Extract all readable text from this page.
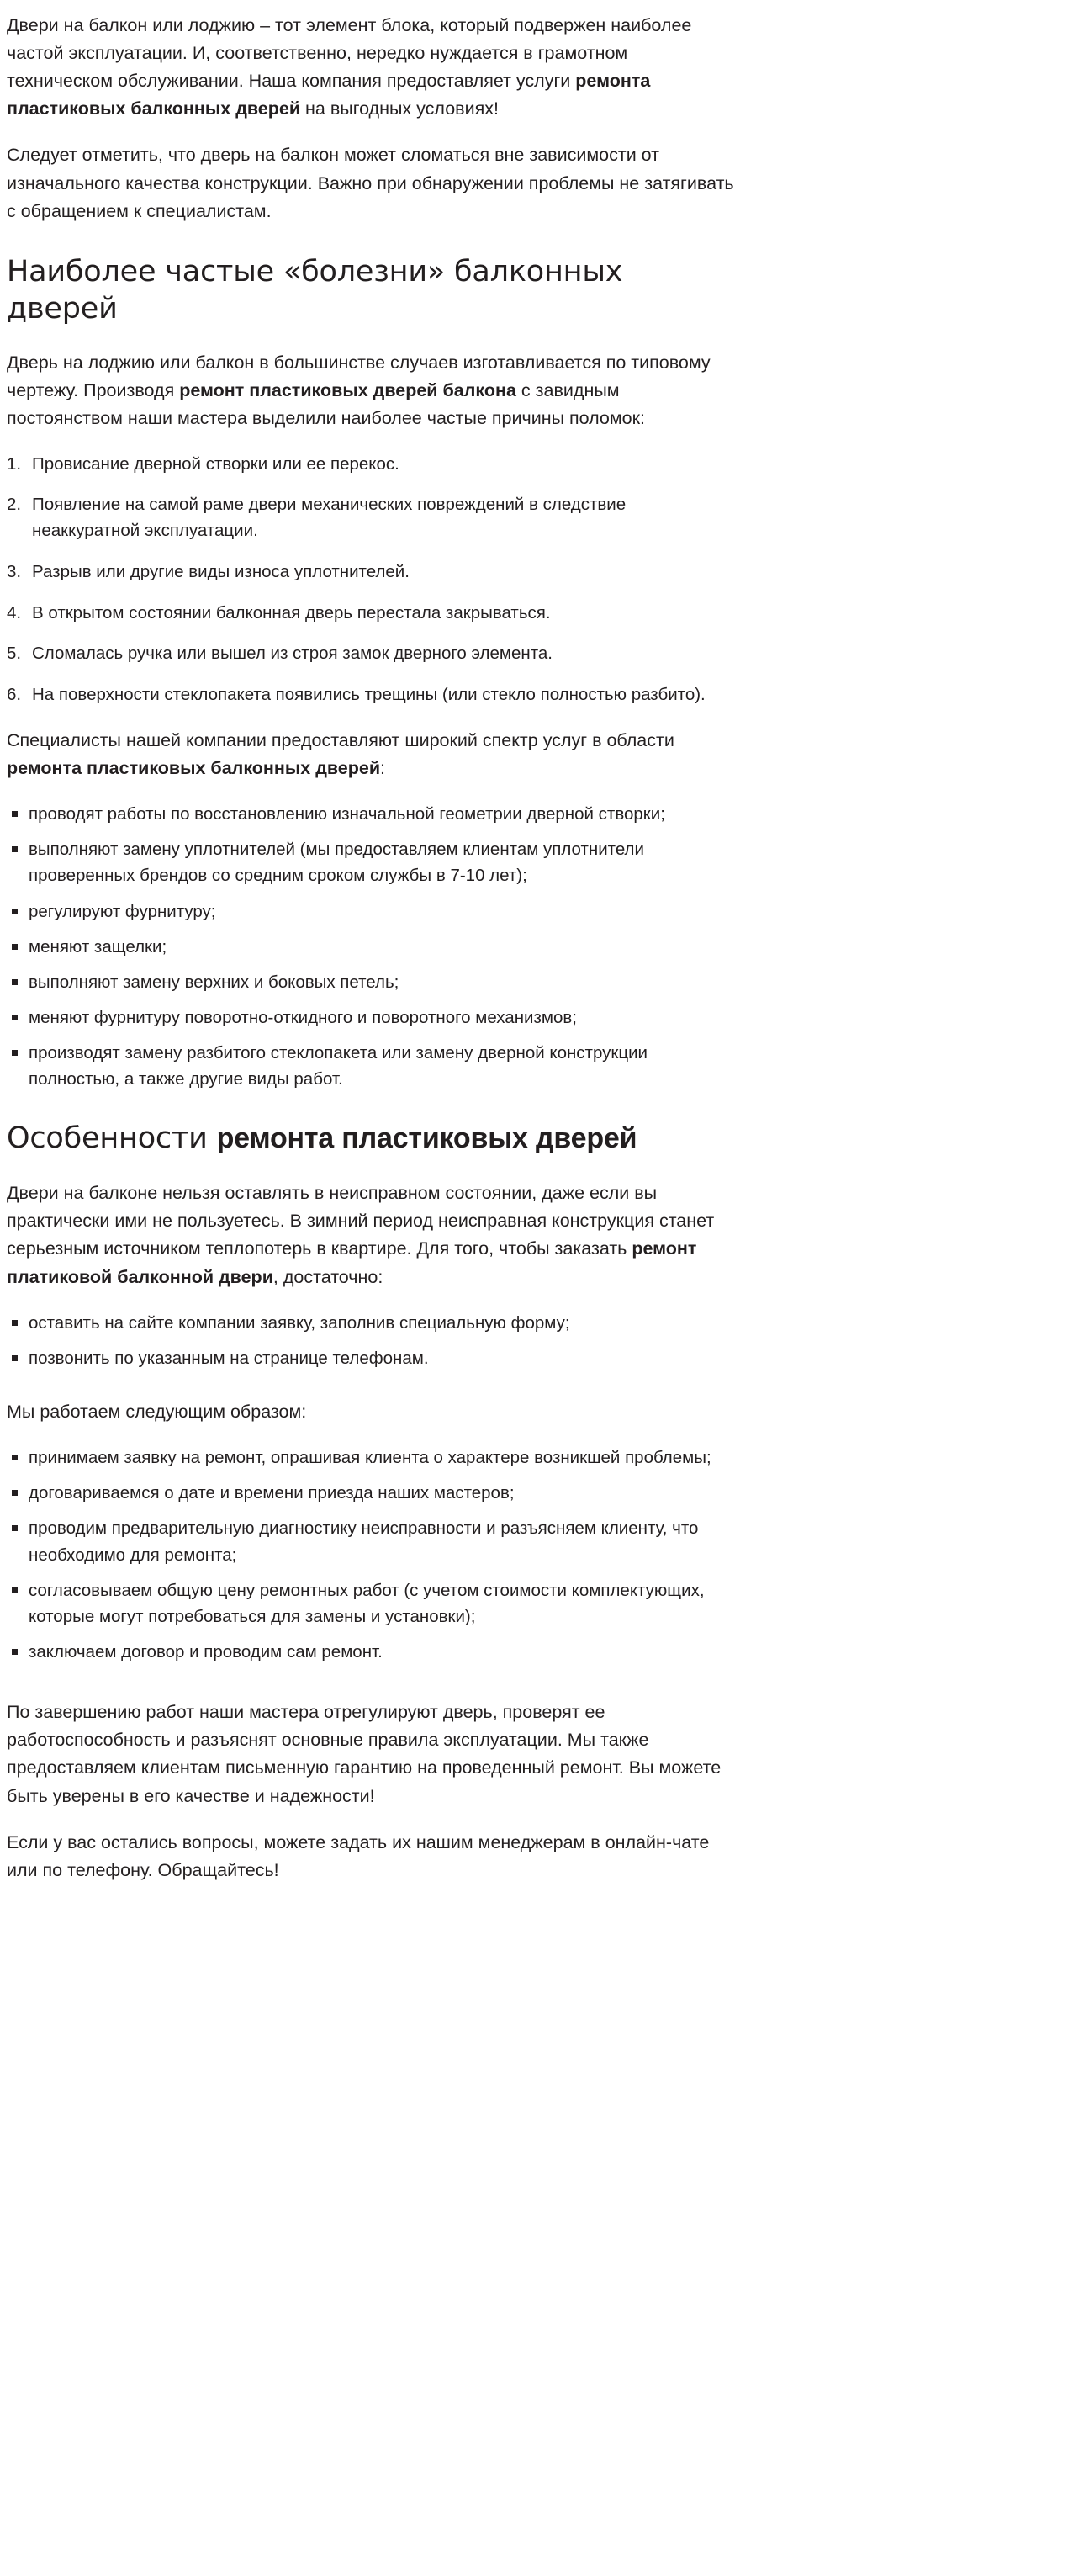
Двери на балкон или лоджию – тот элемент блока, который подвержен наиболее частой эксплуатации. И, соответственно, нередко нуждается в грамотном техническом обслуживании. Наша компания предоставляет услуги ремонта пластиковых балконных дверей на выгодных условиях!

Следует отметить, что дверь на балкон может сломаться вне зависимости от изначального качества конструкции. Важно при обнаружении проблемы не затягивать с обращением к специалистам.

Наиболее частые «болезни» балконных дверей

Дверь на лоджию или балкон в большинстве случаев изготавливается по типовому чертежу. Производя ремонт пластиковых дверей балкона с завидным постоянством наши мастера выделили наиболее частые причины поломок:

Провисание дверной створки или ее перекос.
Появление на самой раме двери механических повреждений в следствие неаккуратной эксплуатации.
Разрыв или другие виды износа уплотнителей.
В открытом состоянии балконная дверь перестала закрываться.
Сломалась ручка или вышел из строя замок дверного элемента.
На поверхности стеклопакета появились трещины (или стекло полностью разбито).

Специалисты нашей компании предоставляют широкий спектр услуг в области ремонта пластиковых балконных дверей:

проводят работы по восстановлению изначальной геометрии дверной створки;
выполняют замену уплотнителей (мы предоставляем клиентам уплотнители проверенных брендов со средним сроком службы в 7-10 лет);
регулируют фурнитуру;
меняют защелки;
выполняют замену верхних и боковых петель;
меняют фурнитуру поворотно-откидного и поворотного механизмов;
производят замену разбитого стеклопакета или замену дверной конструкции полностью, а также другие виды работ.
Особенности ремонта пластиковых дверей

Двери на балконе нельзя оставлять в неисправном состоянии, даже если вы практически ими не пользуетесь. В зимний период неисправная конструкция станет серьезным источником теплопотерь в квартире. Для того, чтобы заказать ремонт платиковой балконной двери, достаточно:

оставить на сайте компании заявку, заполнив специальную форму;
позвонить по указанным на странице телефонам.

Мы работаем следующим образом:

принимаем заявку на ремонт, опрашивая клиента о характере возникшей проблемы;
договариваемся о дате и времени приезда наших мастеров;
проводим предварительную диагностику неисправности и разъясняем клиенту, что необходимо для ремонта;
согласовываем общую цену ремонтных работ (с учетом стоимости комплектующих, которые могут потребоваться для замены и установки);
заключаем договор и проводим сам ремонт.

По завершению работ наши мастера отрегулируют дверь, проверят ее работоспособность и разъяснят основные правила эксплуатации. Мы также предоставляем клиентам письменную гарантию на проведенный ремонт. Вы можете быть уверены в его качестве и надежности!

Если у вас остались вопросы, можете задать их нашим менеджерам в онлайн-чате или по телефону. Обращайтесь!
